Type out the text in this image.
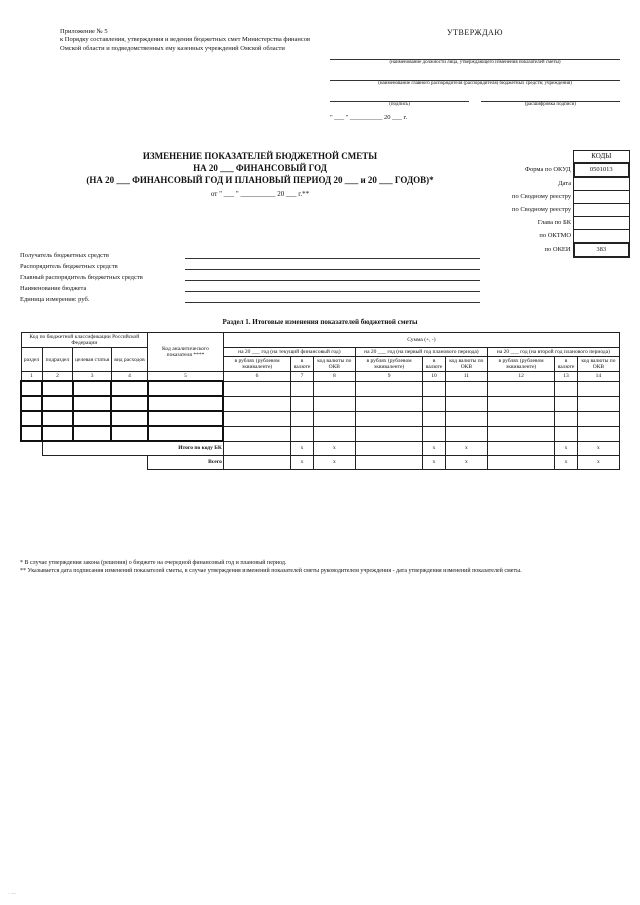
Приложение № 5
к Порядку составления, утверждения и ведения бюджетных смет Министерства финансов
Омской области и подведомственных ему казенных учреждений Омской области
УТВЕРЖДАЮ
(наименование должности лица, утверждающего изменения показателей сметы)
(наименование главного распорядителя (распорядителя) бюджетных средств; учреждения)
(подпись)	(расшифровка подписи)
" ___ " __________ 20 ___ г.
ИЗМЕНЕНИЕ ПОКАЗАТЕЛЕЙ БЮДЖЕТНОЙ СМЕТЫ
НА 20 ___ ФИНАНСОВЫЙ ГОД
(НА 20 ___ ФИНАНСОВЫЙ ГОД И ПЛАНОВЫЙ ПЕРИОД 20 ___ и 20 ___ ГОДОВ)*
от " ___ " __________ 20 ___ г.**
	КОДЫ
Форма по ОКУД	0501013
Дата	
по Сводному реестру	
по Сводному реестру	
Глава по БК	
по ОКТМО	
по ОКЕИ	383
Получатель бюджетных средств
Распорядитель бюджетных средств
Главный распорядитель бюджетных средств
Наименование бюджета
Единица измерения: руб.
Раздел 1. Итоговые изменения показателей бюджетной сметы
Код по бюджетной классификации Российской Федерации				Код аналитического показателя ****	Сумма (+, -)								
раздел	подраздел	целевая статья	вид расходов		на 20 ___ год (на текущий финансовый год)			на 20 ___ год (на первый год планового периода)			на 20 ___ год (на второй год планового периода)		
					в рублях (рублевом эквиваленте)	в валюте	код валюты по ОКВ	в рублях (рублевом эквиваленте)	в валюте	код валюты по ОКВ	в рублях (рублевом эквиваленте)	в валюте	код валюты по ОКВ
1	2	3	4	5	6	7	8	9	10	11	12	13	14

	Итого по коду БК					x	x		x	x		x	x
				Всего		x	x		x	x		x	x
* В случае утверждения закона (решения) о бюджете на очередной финансовый год и плановый период.
** Указывается дата подписания изменений показателей сметы, в случае утверждения изменений показателей сметы руководителем учреждения - дата утверждения изменений показателей сметы.
· —
